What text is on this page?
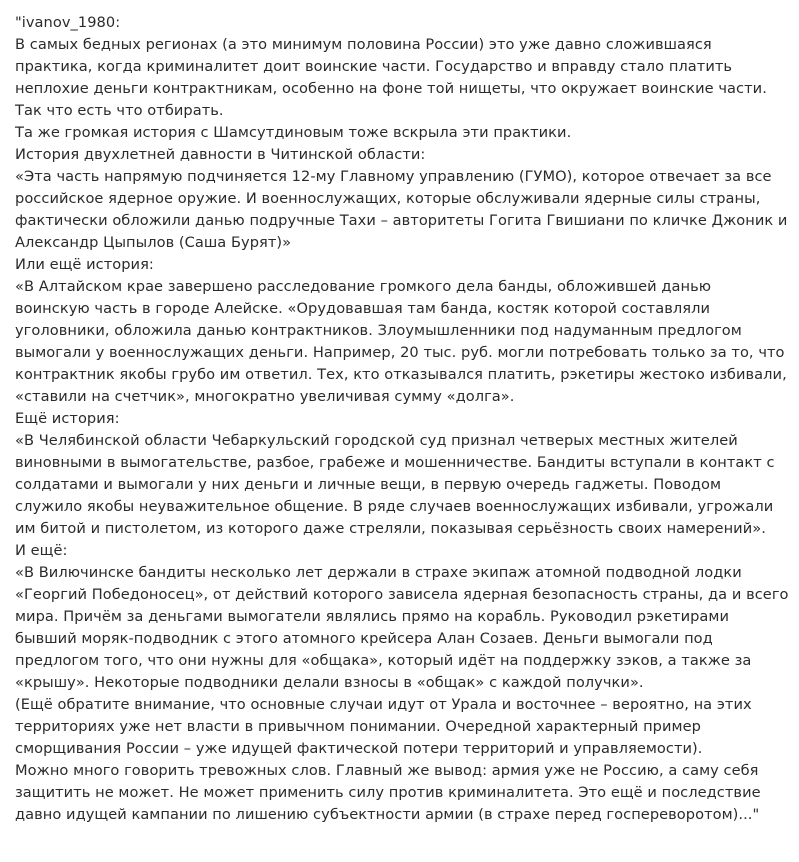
"ivanov_1980:

В самых бедных регионах (а это минимум половина России) это уже давно сложившаяся практика, когда криминалитет доит воинские части. Государство и вправду стало платить неплохие деньги контрактникам, особенно на фоне той нищеты, что окружает воинские части. Так что есть что отбирать.

Та же громкая история с Шамсутдиновым тоже вскрыла эти практики.

История двухлетней давности в Читинской области:

«Эта часть напрямую подчиняется 12-му Главному управлению (ГУМО), которое отвечает за все российское ядерное оружие. И военнослужащих, которые обслуживали ядерные силы страны, фактически обложили данью подручные Тахи – авторитеты Гогита Гвишиани по кличке Джоник и Александр Цыпылов (Саша Бурят)»

Или ещё история:

«В Алтайском крае завершено расследование громкого дела банды, обложившей данью воинскую часть в городе Алейске. «Орудовавшая там банда, костяк которой составляли уголовники, обложила данью контрактников. Злоумышленники под надуманным предлогом вымогали у военнослужащих деньги. Например, 20 тыс. руб. могли потребовать только за то, что контрактник якобы грубо им ответил. Тех, кто отказывался платить, рэкетиры жестоко избивали, «ставили на счетчик», многократно увеличивая сумму «долга».

Ещё история:

«В Челябинской области Чебаркульский городской суд признал четверых местных жителей виновными в вымогательстве, разбое, грабеже и мошенничестве. Бандиты вступали в контакт с солдатами и вымогали у них деньги и личные вещи, в первую очередь гаджеты. Поводом служило якобы неуважительное общение. В ряде случаев военнослужащих избивали, угрожали им битой и пистолетом, из которого даже стреляли, показывая серьёзность своих намерений».

И ещё:

«В Вилючинске бандиты несколько лет держали в страхе экипаж атомной подводной лодки «Георгий Победоносец», от действий которого зависела ядерная безопасность страны, да и всего мира. Причём за деньгами вымогатели являлись прямо на корабль. Руководил рэкетирами бывший моряк-подводник с этого атомного крейсера Алан Созаев. Деньги вымогали под предлогом того, что они нужны для «общака», который идёт на поддержку зэков, а также за «крышу». Некоторые подводники делали взносы в «общак» с каждой получки».

(Ещё обратите внимание, что основные случаи идут от Урала и восточнее – вероятно, на этих территориях уже нет власти в привычном понимании. Очередной характерный пример сморщивания России – уже идущей фактической потери территорий и управляемости).

Можно много говорить тревожных слов. Главный же вывод: армия уже не Россию, а саму себя защитить не может. Не может применить силу против криминалитета. Это ещё и последствие давно идущей кампании по лишению субъектности армии (в страхе перед госпереворотом)..."
